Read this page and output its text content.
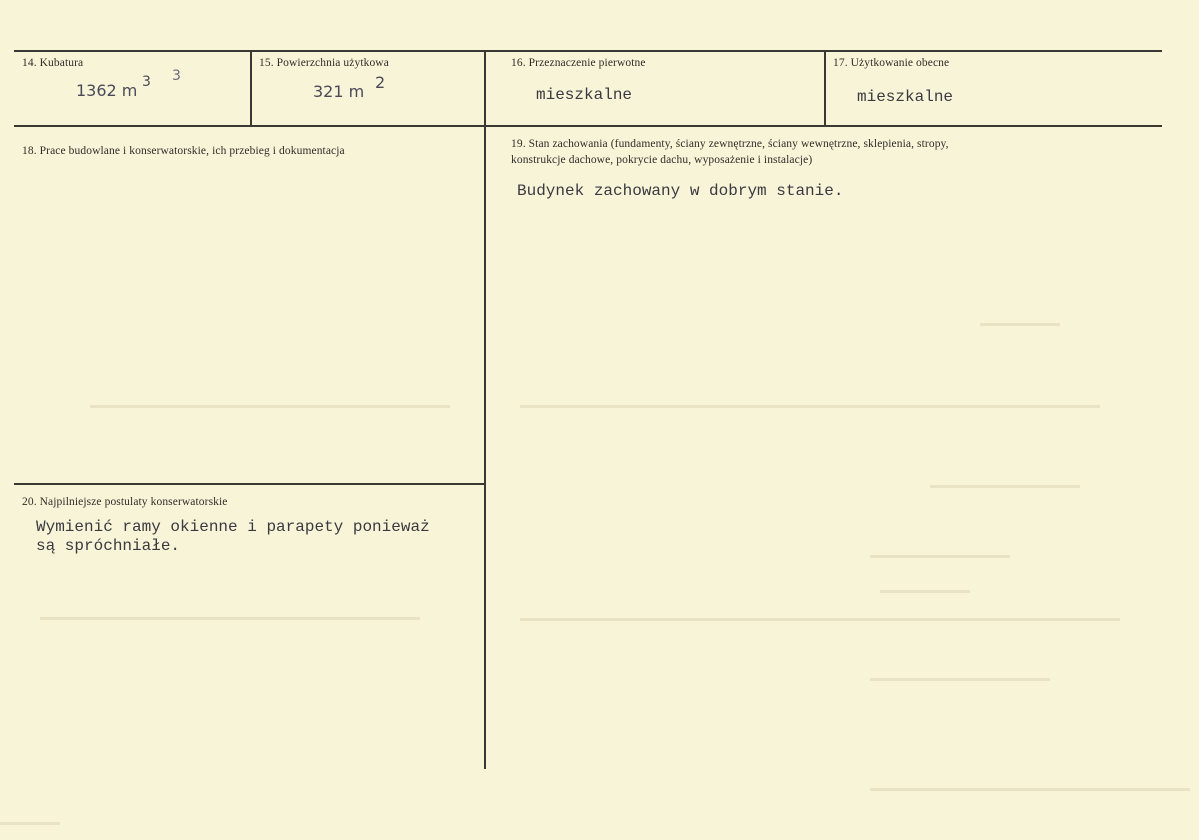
14. Kubatura
1362 m 3 3
15. Powierzchnia użytkowa
321 m 2
16. Przeznaczenie pierwotne
mieszkalne
17. Użytkowanie obecne
mieszkalne
18. Prace budowlane i konserwatorskie, ich przebieg i dokumentacja
19. Stan zachowania (fundamenty, ściany zewnętrzne, ściany wewnętrzne, sklepienia, stropy,
konstrukcje dachowe, pokrycie dachu, wyposażenie i instalacje)
Budynek zachowany w dobrym stanie.
20. Najpilniejsze postulaty konserwatorskie
Wymienić ramy okienne i parapety ponieważ
są spróchniałe.
